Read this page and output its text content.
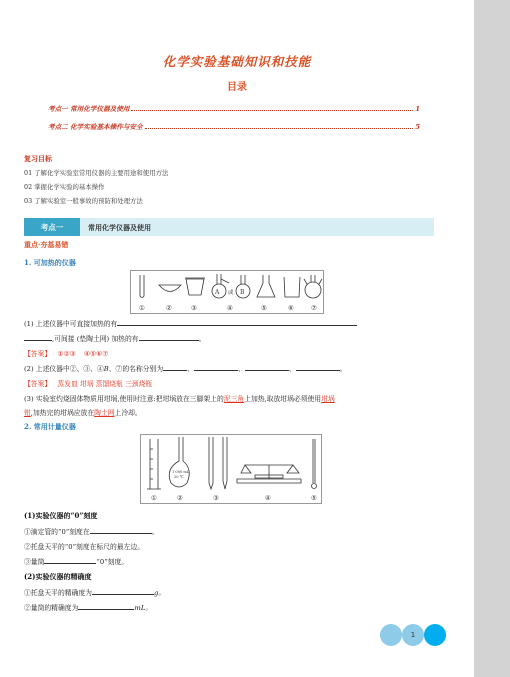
化学实验基础知识和技能
目录
考点一 常用化学仪器及使用	1
考点二 化学实验基本操作与安全	5
复习目标
01 了解化学实验室常用仪器的主要用途和使用方法
02 掌握化学实验的基本操作
03 了解实验室一般事故的预防和处理方法
考点一	常用化学仪器及使用
重点·夯基易错
1. 可加热的仪器
A 或 B
①	②	③	④	⑤	⑥	⑦
(1) 上述仪器中可直接加热的有
,可间接 (垫陶土网) 加热的有	。
【答案】 ①②③ ④⑤⑥⑦
(2) 上述仪器中②、③、④B、⑦的名称分别为	、	、	、	。
【答案】 蒸发皿 坩埚 蒸馏烧瓶 三颈烧瓶
(3) 实验室灼烧固体物质用坩埚,使用时注意:把坩埚放在三脚架上的泥三角上加热,取放坩埚必须使用坩埚
钳,加热完的坩埚应放在陶土网上冷却。
2. 常用计量仪器
1 000 mL
20 ℃
①	②	③	④	⑤
(1)实验仪器的“0”刻度
①滴定管的“0”刻度在	。
②托盘天平的“0”刻度在标尺的最左边。
③量筒	“0”刻度。
(2)实验仪器的精确度
①托盘天平的精确度为	g。
②量筒的精确度为	mL。
1
